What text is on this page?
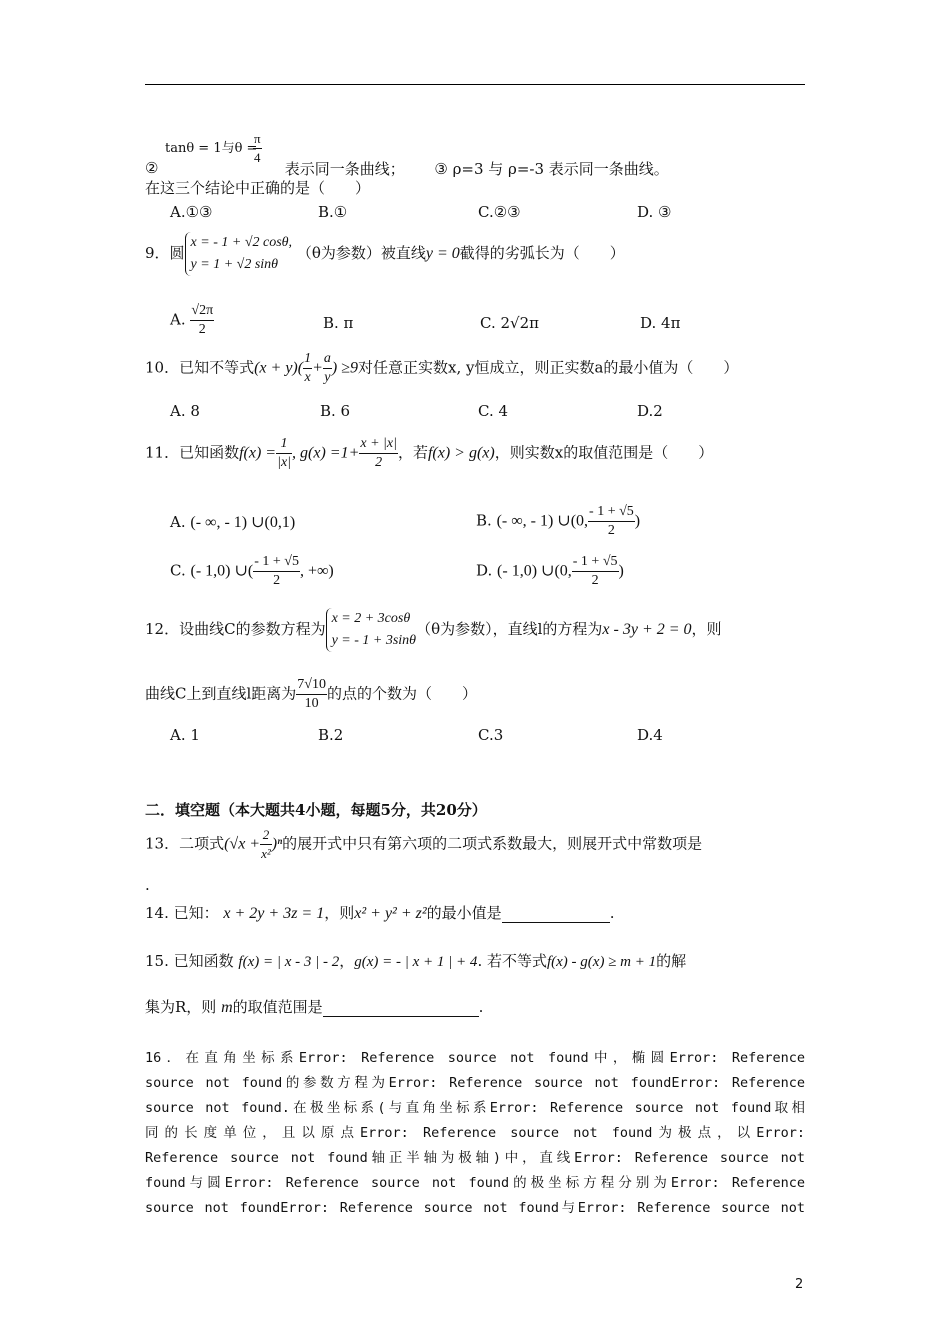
tanθ = 1与θ =
$\frac{\pi}{4}$
②	表示同一条曲线； ③ ρ=3 与 ρ=-3 表示同一条曲线。
在这三个结论中正确的是（　　）
A.①③	B.①	C.②③	D. ③
9．圆
x = - 1 + √2 cosθ,
y = 1 + √2 sinθ
（θ为参数）被直线y = 0截得的劣弧长为（　　）
A. $\frac{√2\pi}{2}$	B. π	C. 2√2π	D. 4π
10．已知不等式$(x + y)( \frac{1}{x} + \frac{a}{y}$ ) ≥9对任意正实数x, y恒成立，则正实数a的最小值为（　　）
A. 8	B. 6	C. 4	D.2
11．已知函数$f(x) = \frac{1}{|x|}$ , $g(x) =1+ \frac{x + |x|}{2}$ ，若f(x) > g(x)，则实数x的取值范围是（　　）
A. (- ∞, - 1) ∪(0,1)	B. (- ∞, - 1) ∪(0, $\frac{- 1 + √5}{2}$ )
C. (- 1,0) ∪( $\frac{- 1 + √5}{2}$ , +∞)	D. (- 1,0) ∪(0, $\frac{- 1 + √5}{2}$ )
12．设曲线C的参数方程为
x = 2 + 3cosθ
y = - 1 + 3sinθ
（θ为参数），直线l的方程为x - 3y + 2 = 0，则
曲线C上到直线l距离为 $\frac{7√10}{10}$ 的点的个数为（　　）
A. 1	B.2	C.3	D.4
二．填空题（本大题共4小题，每题5分，共20分）
13．二项式$(√x + \frac{2}{\text{x²}} )^n$的展开式中只有第六项的二项式系数最大，则展开式中常数项是
.
14. 已知： x + 2y + 3z = 1，则x² + y² + z²的最小值是	.
15. 已知函数 f(x) = | x - 3 | - 2，g(x) = - | x + 1 | + 4. 若不等式f(x) - g(x) ≥ m + 1的解
集为R，则 m的取值范围是	.
16．在直角坐标系Error: Reference source not found中，椭圆Error: Reference
source not found的参数方程为Error: Reference source not foundError: Reference
source not found.在极坐标系(与直角坐标系Error: Reference source not found取相
同的长度单位，且以原点Error: Reference source not found为极点，以Error:
Reference source not found轴正半轴为极轴)中，直线Error: Reference source not
found与圆Error: Reference source not found的极坐标方程分别为Error: Reference
source not foundError: Reference source not found与Error: Reference source not
2
